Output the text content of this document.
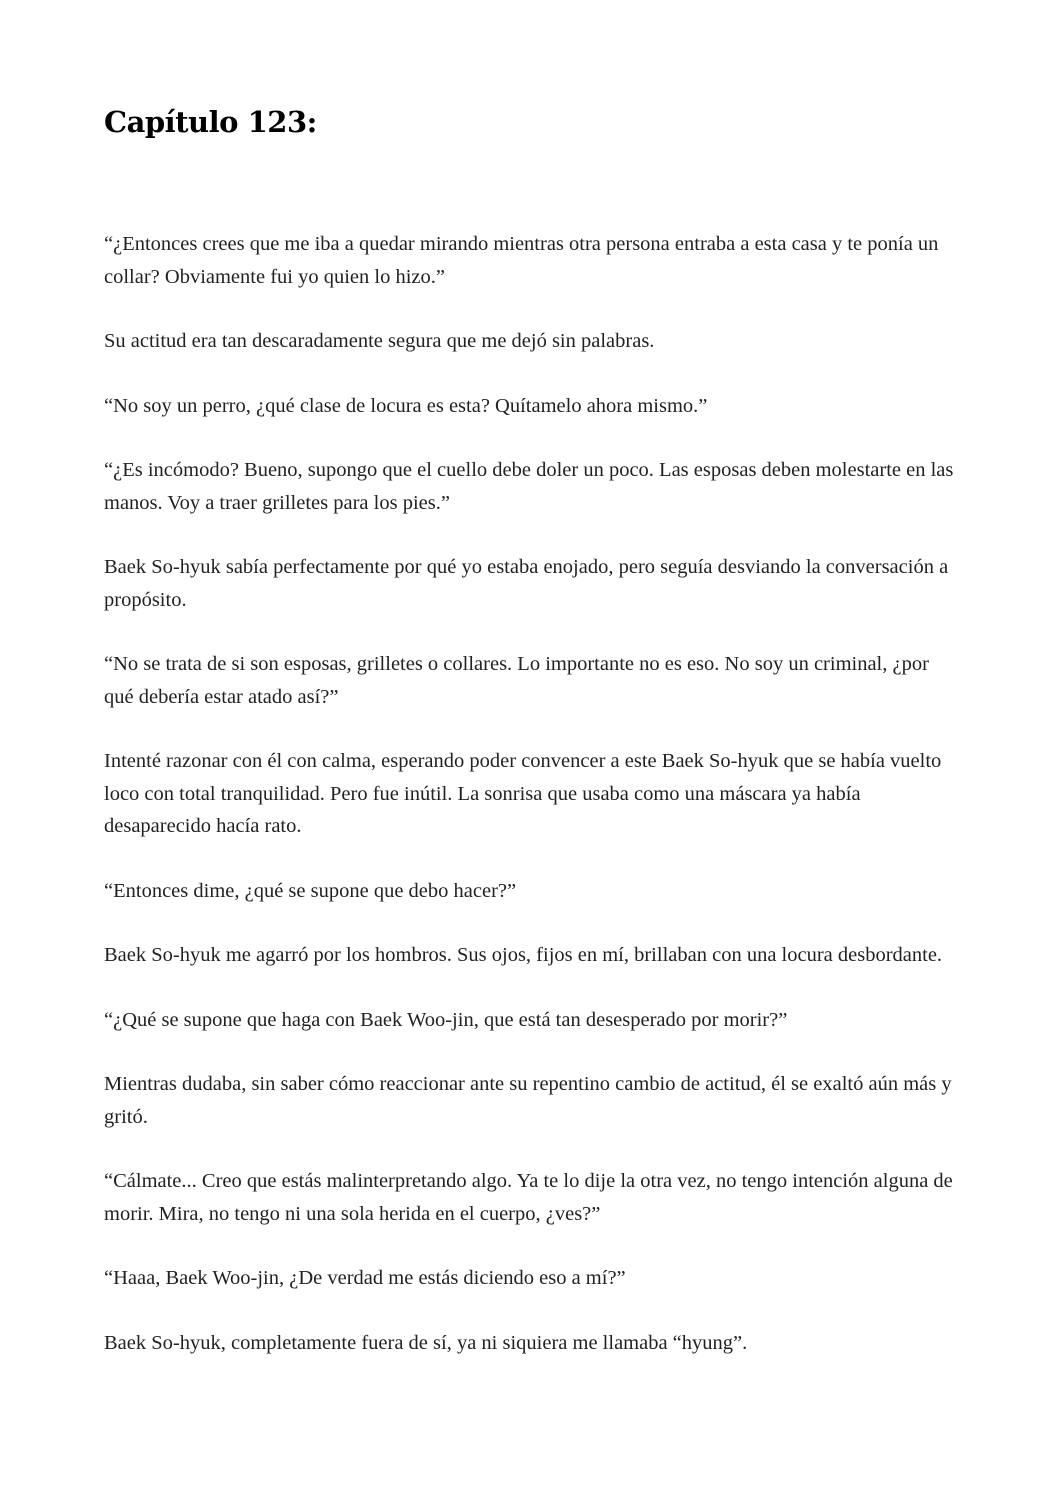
Capítulo 123:

“¿Entonces crees que me iba a quedar mirando mientras otra persona entraba a esta casa y te ponía un collar? Obviamente fui yo quien lo hizo.”

Su actitud era tan descaradamente segura que me dejó sin palabras.

“No soy un perro, ¿qué clase de locura es esta? Quítamelo ahora mismo.”

“¿Es incómodo? Bueno, supongo que el cuello debe doler un poco. Las esposas deben molestarte en las manos. Voy a traer grilletes para los pies.”

Baek So-hyuk sabía perfectamente por qué yo estaba enojado, pero seguía desviando la conversación a propósito.

“No se trata de si son esposas, grilletes o collares. Lo importante no es eso. No soy un criminal, ¿por qué debería estar atado así?”

Intenté razonar con él con calma, esperando poder convencer a este Baek So-hyuk que se había vuelto loco con total tranquilidad. Pero fue inútil. La sonrisa que usaba como una máscara ya había desaparecido hacía rato.

“Entonces dime, ¿qué se supone que debo hacer?”

Baek So-hyuk me agarró por los hombros. Sus ojos, fijos en mí, brillaban con una locura desbordante.

“¿Qué se supone que haga con Baek Woo-jin, que está tan desesperado por morir?”

Mientras dudaba, sin saber cómo reaccionar ante su repentino cambio de actitud, él se exaltó aún más y gritó.

“Cálmate... Creo que estás malinterpretando algo. Ya te lo dije la otra vez, no tengo intención alguna de morir. Mira, no tengo ni una sola herida en el cuerpo, ¿ves?”

“Haaa, Baek Woo-jin, ¿De verdad me estás diciendo eso a mí?”

Baek So-hyuk, completamente fuera de sí, ya ni siquiera me llamaba “hyung”.
